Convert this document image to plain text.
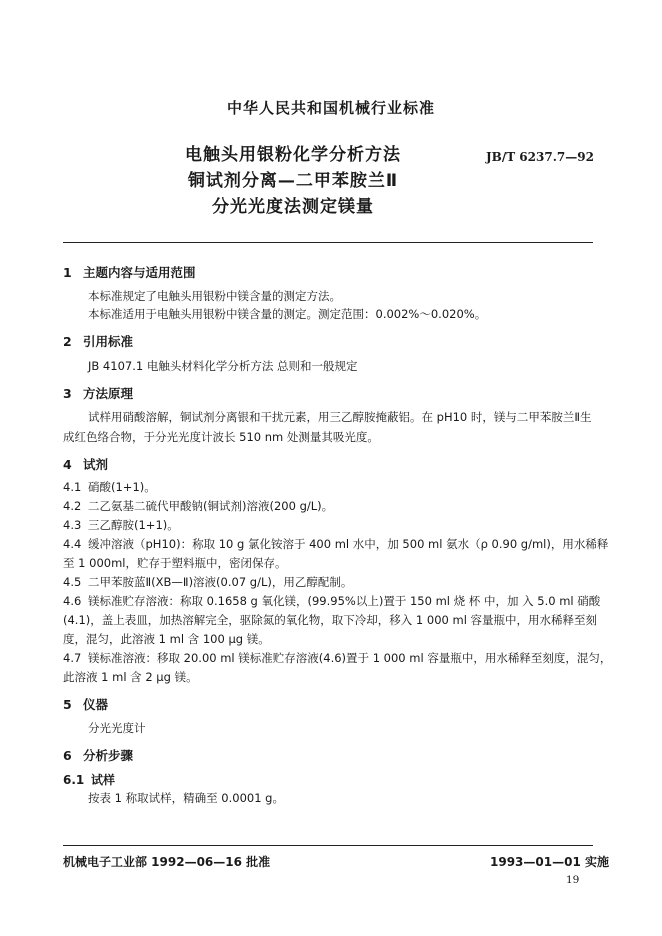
中华人民共和国机械行业标准
电触头用银粉化学分析方法
铜试剂分离—二甲苯胺兰Ⅱ
分光光度法测定镁量
JB/T 6237.7—92
1 主题内容与适用范围
本标准规定了电触头用银粉中镁含量的测定方法。
本标准适用于电触头用银粉中镁含量的测定。测定范围：0.002%～0.020%。
2 引用标准
JB 4107.1 电触头材料化学分析方法 总则和一般规定
3 方法原理
试样用硝酸溶解，铜试剂分离银和干扰元素，用三乙醇胺掩蔽铝。在 pH10 时，镁与二甲苯胺兰Ⅱ生
成红色络合物，于分光光度计波长 510 nm 处测量其吸光度。
4 试剂
4.1 硝酸(1+1)。
4.2 二乙氨基二硫代甲酸钠(铜试剂)溶液(200 g/L)。
4.3 三乙醇胺(1+1)。
4.4 缓冲溶液（pH10)：称取 10 g 氯化铵溶于 400 ml 水中，加 500 ml 氨水（ρ 0.90 g/ml)，用水稀释
至 1 000ml，贮存于塑料瓶中，密闭保存。
4.5 二甲苯胺蓝Ⅱ(XB—Ⅱ)溶液(0.07 g/L)，用乙醇配制。
4.6 镁标准贮存溶液：称取 0.1658 g 氧化镁，(99.95%以上)置于 150 ml 烧 杯 中，加 入 5.0 ml 硝酸
(4.1)，盖上表皿，加热溶解完全，驱除氮的氧化物，取下冷却，移入 1 000 ml 容量瓶中，用水稀释至刻
度，混匀，此溶液 1 ml 含 100 μg 镁。
4.7 镁标准溶液：移取 20.00 ml 镁标准贮存溶液(4.6)置于 1 000 ml 容量瓶中，用水稀释至刻度，混匀，
此溶液 1 ml 含 2 μg 镁。
5 仪器
分光光度计
6 分析步骤
6.1 试样
按表 1 称取试样，精确至 0.0001 g。
机械电子工业部 1992—06—16 批准	1993—01—01 实施
19
